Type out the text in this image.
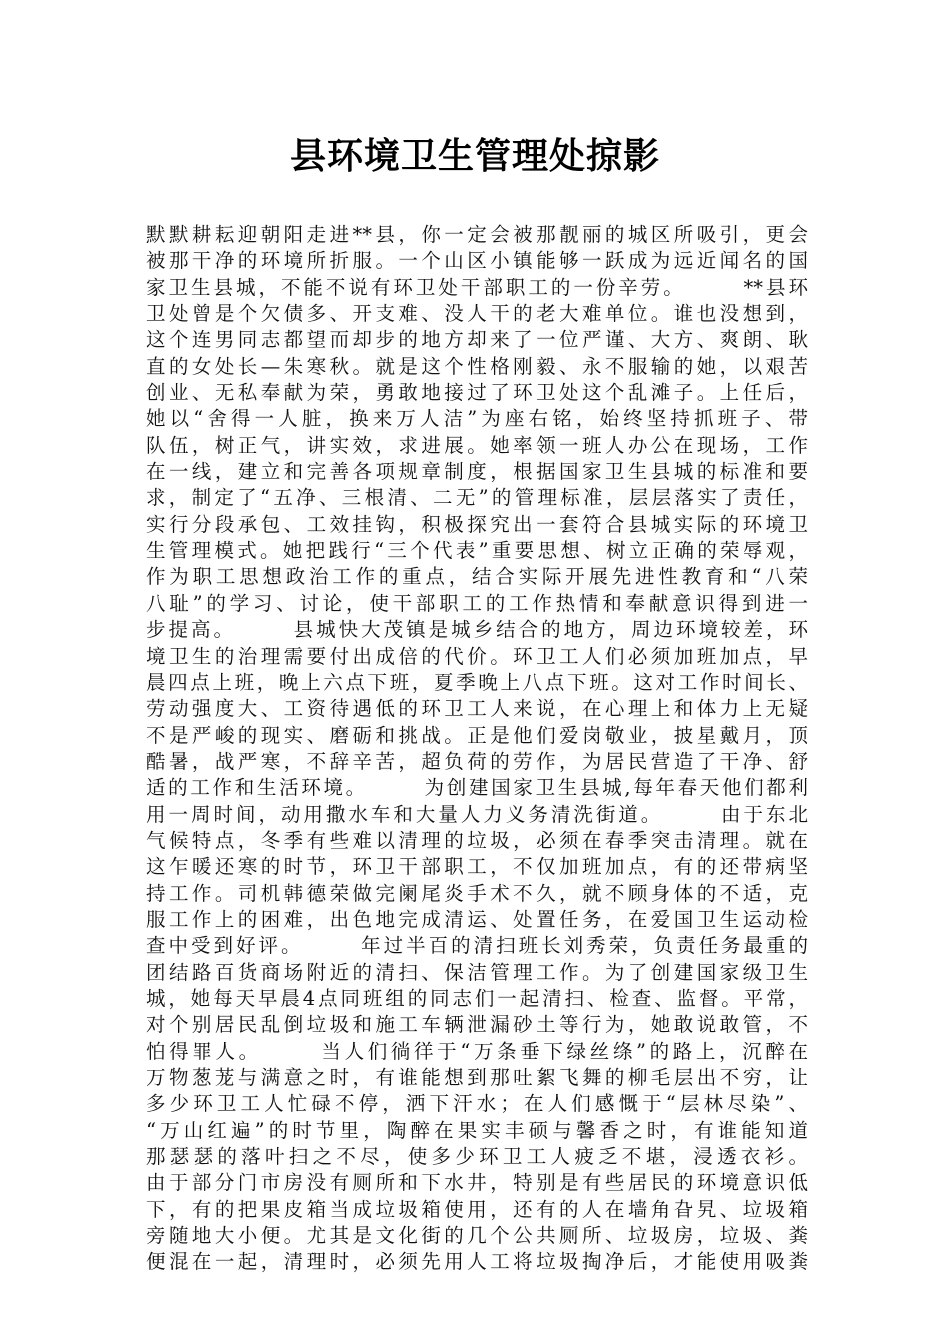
县环境卫生管理处掠影
默默耕耘迎朝阳走进**县，你一定会被那靓丽的城区所吸引，更会
被那干净的环境所折服。一个山区小镇能够一跃成为远近闻名的国
家卫生县城，不能不说有环卫处干部职工的一份辛劳。　　　**县环
卫处曾是个欠债多、开支难、没人干的老大难单位。谁也没想到，
这个连男同志都望而却步的地方却来了一位严谨、大方、爽朗、耿
直的女处长—朱寒秋。就是这个性格刚毅、永不服输的她，以艰苦
创业、无私奉献为荣，勇敢地接过了环卫处这个乱滩子。上任后，
她以“舍得一人脏，换来万人洁”为座右铭，始终坚持抓班子、带
队伍，树正气，讲实效，求进展。她率领一班人办公在现场，工作
在一线，建立和完善各项规章制度，根据国家卫生县城的标准和要
求，制定了“五净、三根清、二无”的管理标准，层层落实了责任，
实行分段承包、工效挂钩，积极探究出一套符合县城实际的环境卫
生管理模式。她把践行“三个代表”重要思想、树立正确的荣辱观，
作为职工思想政治工作的重点，结合实际开展先进性教育和“八荣
八耻”的学习、讨论，使干部职工的工作热情和奉献意识得到进一
步提高。　　　县城快大茂镇是城乡结合的地方，周边环境较差，环
境卫生的治理需要付出成倍的代价。环卫工人们必须加班加点，早
晨四点上班，晚上六点下班，夏季晚上八点下班。这对工作时间长、
劳动强度大、工资待遇低的环卫工人来说，在心理上和体力上无疑
不是严峻的现实、磨砺和挑战。正是他们爱岗敬业，披星戴月，顶
酷暑，战严寒，不辞辛苦，超负荷的劳作，为居民营造了干净、舒
适的工作和生活环境。　　　为创建国家卫生县城,每年春天他们都利
用一周时间，动用撒水车和大量人力义务清洗街道。　　　由于东北
气候特点，冬季有些难以清理的垃圾，必须在春季突击清理。就在
这乍暖还寒的时节，环卫干部职工，不仅加班加点，有的还带病坚
持工作。司机韩德荣做完阑尾炎手术不久，就不顾身体的不适，克
服工作上的困难，出色地完成清运、处置任务，在爱国卫生运动检
查中受到好评。　　　年过半百的清扫班长刘秀荣，负责任务最重的
团结路百货商场附近的清扫、保洁管理工作。为了创建国家级卫生
城，她每天早晨4点同班组的同志们一起清扫、检查、监督。平常，
对个别居民乱倒垃圾和施工车辆泄漏砂土等行为，她敢说敢管，不
怕得罪人。　　　当人们徜徉于“万条垂下绿丝绦”的路上，沉醉在
万物葱茏与满意之时，有谁能想到那吐絮飞舞的柳毛层出不穷，让
多少环卫工人忙碌不停，洒下汗水；在人们感慨于“层林尽染”、
“万山红遍”的时节里，陶醉在果实丰硕与馨香之时，有谁能知道
那瑟瑟的落叶扫之不尽，使多少环卫工人疲乏不堪，浸透衣衫。
由于部分门市房没有厕所和下水井，特别是有些居民的环境意识低
下，有的把果皮箱当成垃圾箱使用，还有的人在墙角旮旯、垃圾箱
旁随地大小便。尤其是文化街的几个公共厕所、垃圾房，垃圾、粪
便混在一起，清理时，必须先用人工将垃圾掏净后，才能使用吸粪
